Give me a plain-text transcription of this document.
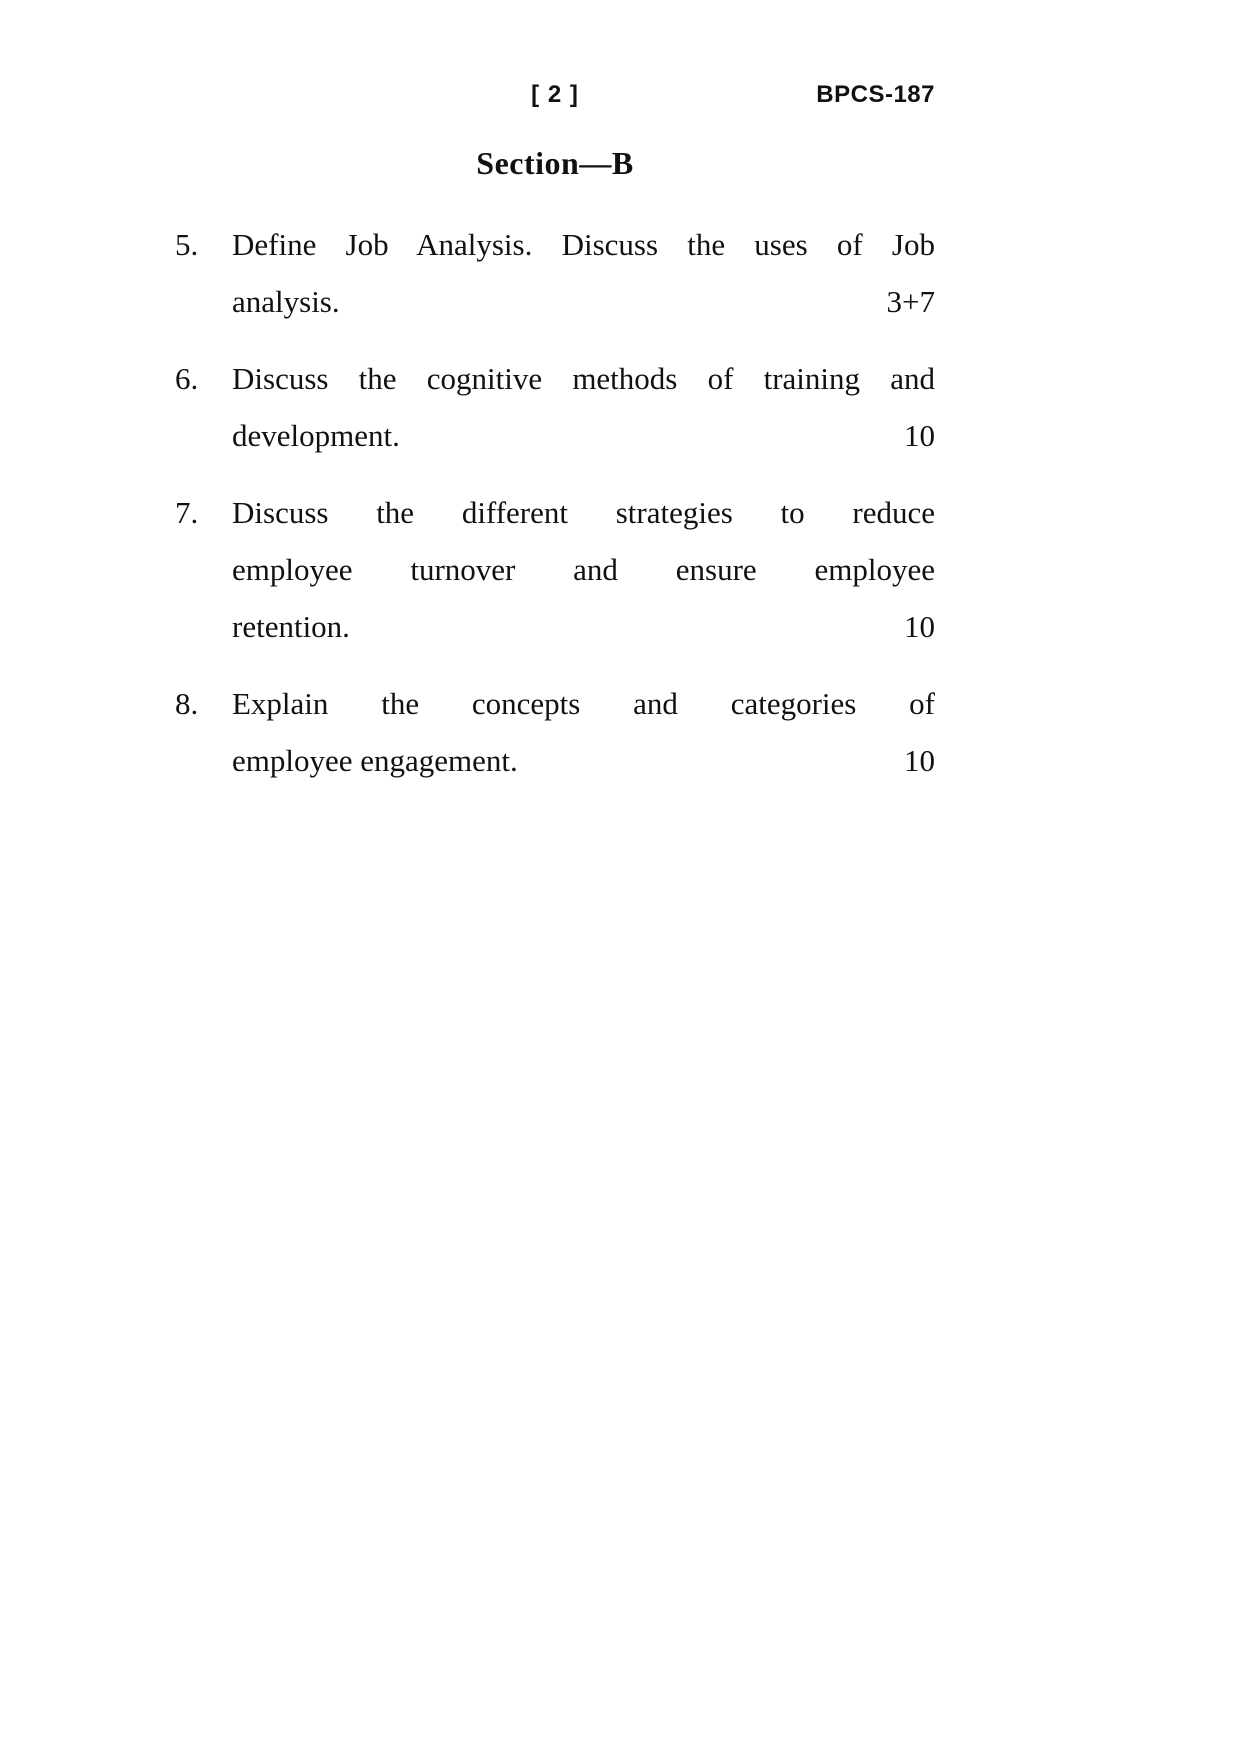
[ 2 ]	BPCS-187
Section—B
5.	Define Job Analysis. Discuss the uses of Job
analysis.	3+7
6.	Discuss the cognitive methods of training and
development.	10
7.	Discuss the different strategies to reduce
employee turnover and ensure employee
retention.	10
8.	Explain the concepts and categories of
employee engagement.	10
